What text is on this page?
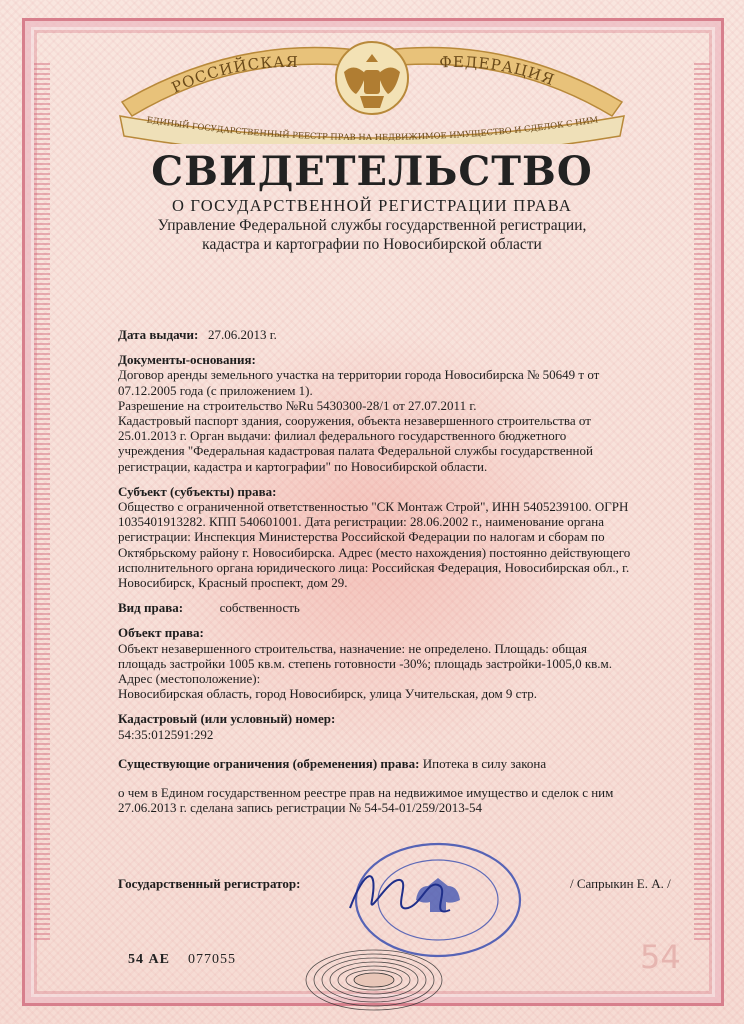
РОССИЙСКАЯ	ФЕДЕРАЦИЯ
ЕДИНЫЙ ГОСУДАРСТВЕННЫЙ РЕЕСТР ПРАВ НА НЕДВИЖИМОЕ ИМУЩЕСТВО И СДЕЛОК С НИМ
СВИДЕТЕЛЬСТВО
О ГОСУДАРСТВЕННОЙ РЕГИСТРАЦИИ ПРАВА
Управление Федеральной службы государственной регистрации,
кадастра и картографии по Новосибирской области
Дата выдачи: 27.06.2013 г.
Документы-основания:
Договор аренды земельного участка на территории города Новосибирска № 50649 т от
07.12.2005 года (с приложением 1).
Разрешение на строительство №Ru 5430300-28/1 от 27.07.2011 г.
Кадастровый паспорт здания, сооружения, объекта незавершенного строительства от
25.01.2013 г. Орган выдачи: филиал федерального государственного бюджетного
учреждения "Федеральная кадастровая палата Федеральной службы государственной
регистрации, кадастра и картографии" по Новосибирской области.
Субъект (субъекты) права:
Общество с ограниченной ответственностью "СК Монтаж Строй", ИНН 5405239100. ОГРН
1035401913282. КПП 540601001. Дата регистрации: 28.06.2002 г., наименование органа
регистрации: Инспекция Министерства Российской Федерации по налогам и сборам по
Октябрьскому району г. Новосибирска. Адрес (место нахождения) постоянно действующего
исполнительного органа юридического лица: Российская Федерация, Новосибирская обл., г.
Новосибирск, Красный проспект, дом 29.
Вид права:	собственность
Объект права:
Объект незавершенного строительства, назначение: не определено. Площадь: общая
площадь застройки 1005 кв.м. степень готовности -30%; площадь застройки-1005,0 кв.м.
Адрес (местоположение):
Новосибирская область, город Новосибирск, улица Учительская, дом 9 стр.
Кадастровый (или условный) номер:
54:35:012591:292
Существующие ограничения (обременения) права: Ипотека в силу закона
о чем в Едином государственном реестре прав на недвижимое имущество и сделок с ним
27.06.2013 г. сделана запись регистрации № 54-54-01/259/2013-54
Государственный регистратор:	/ Сапрыкин Е. А. /
54 АЕ 077055	54
